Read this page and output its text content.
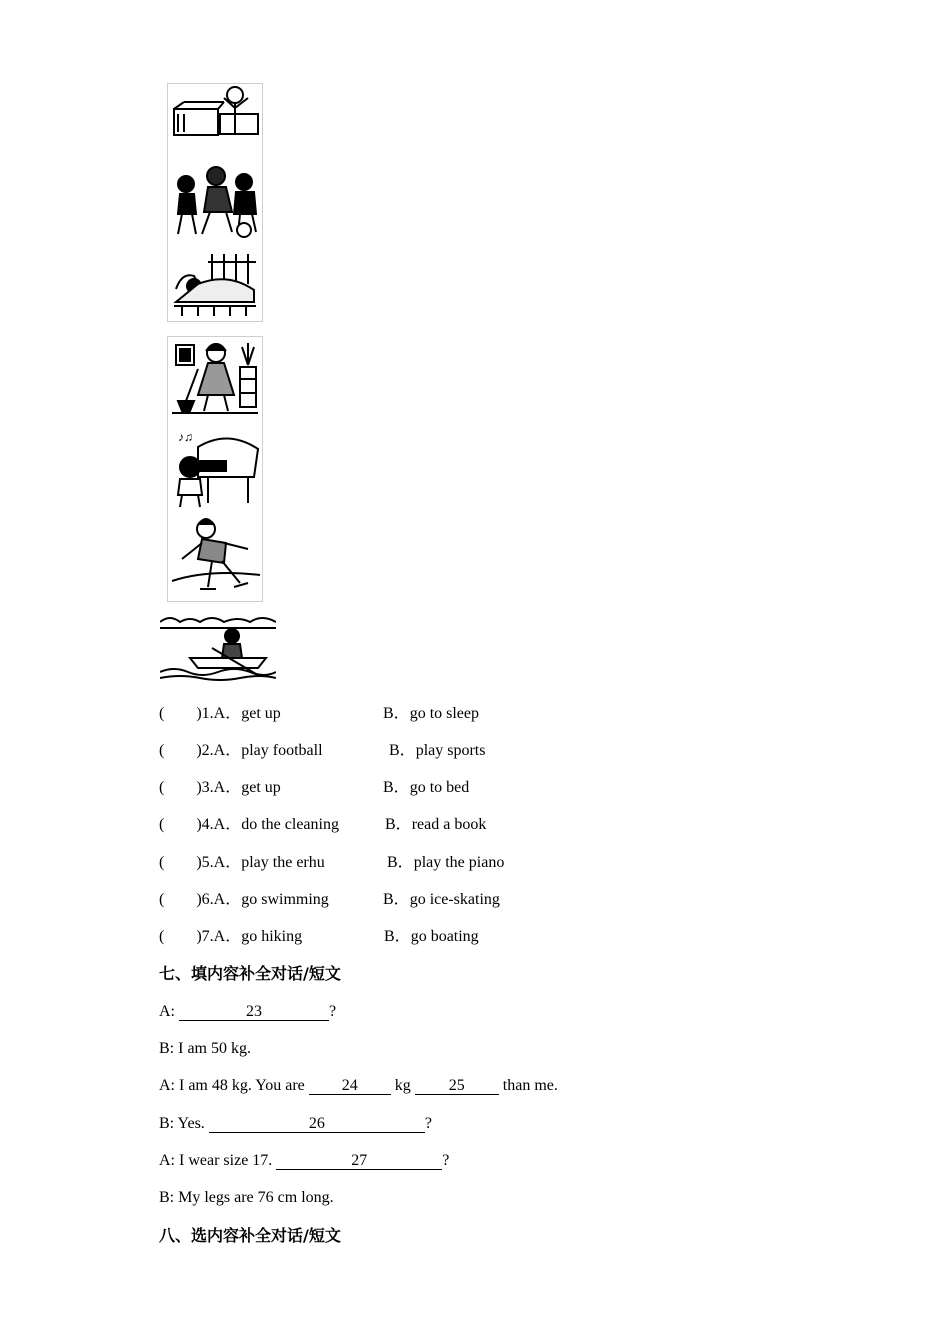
♪♫
(        )1.A．get up	B．go to sleep
(        )2.A．play football	B．play sports
(        )3.A．get up	B．go to bed
(        )4.A．do the cleaning	B．read a book
(        )5.A．play the erhu	B．play the piano
(        )6.A．go swimming	B．go ice-skating
(        )7.A．go hiking	B．go boating
七、填内容补全对话/短文
A:	23	?
B: I am 50 kg.
A: I am 48 kg. You are 24 kg 25 than me.
B: Yes.	26	?
A: I wear size 17.	27	?
B: My legs are 76 cm long.
八、选内容补全对话/短文
